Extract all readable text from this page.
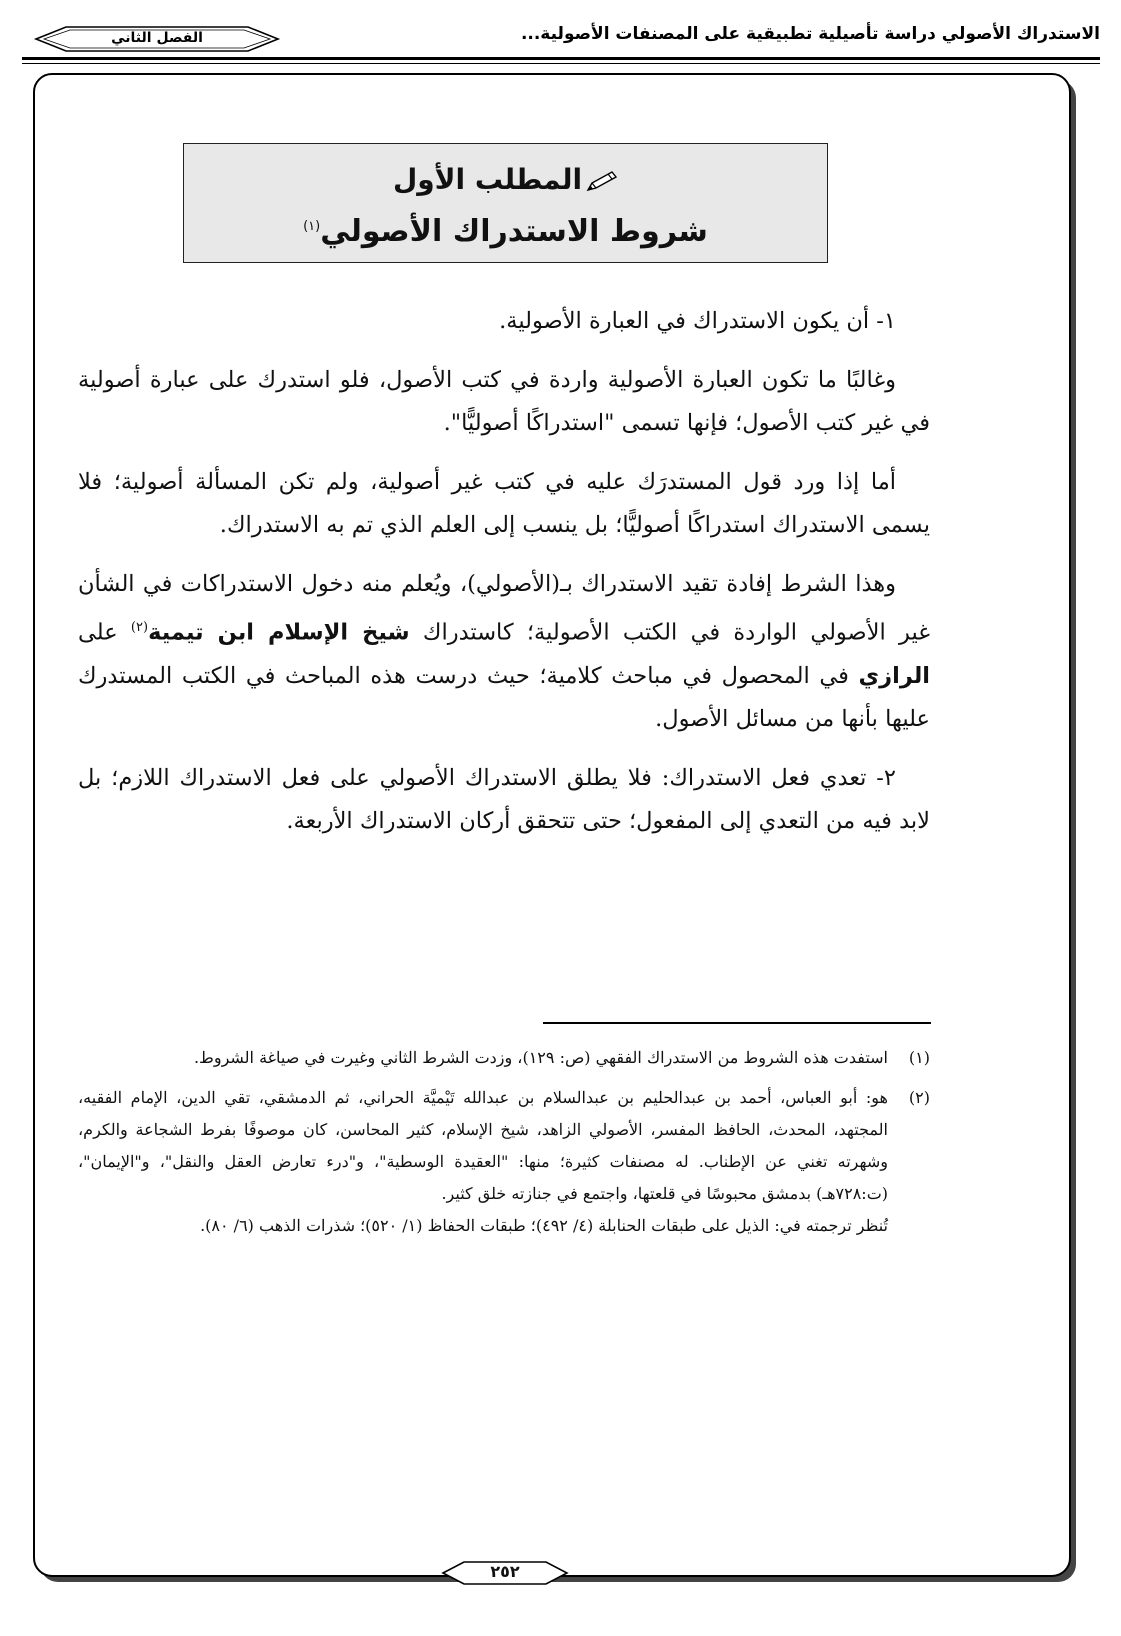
الاستدراك الأصولي دراسة تأصيلية تطبيقية على المصنفات الأصولية...
الفصل الثاني
المطلب الأول
شروط الاستدراك الأصولي$^{(١)}$

١- أن يكون الاستدراك في العبارة الأصولية.

وغالبًا ما تكون العبارة الأصولية واردة في كتب الأصول، فلو استدرك على عبارة أصولية في غير كتب الأصول؛ فإنها تسمى "استدراكًا أصوليًّا".

أما إذا ورد قول المستدرَك عليه في كتب غير أصولية، ولم تكن المسألة أصولية؛ فلا يسمى الاستدراك استدراكًا أصوليًّا؛ بل ينسب إلى العلم الذي تم به الاستدراك.

وهذا الشرط إفادة تقيد الاستدراك بـ(الأصولي)، ويُعلم منه دخول الاستدراكات في الشأن غير الأصولي الواردة في الكتب الأصولية؛ كاستدراك شيخ الإسلام ابن تيمية$^{(٢)}$ على الرازي في المحصول في مباحث كلامية؛ حيث درست هذه المباحث في الكتب المستدرك عليها بأنها من مسائل الأصول.

٢- تعدي فعل الاستدراك: فلا يطلق الاستدراك الأصولي على فعل الاستدراك اللازم؛ بل لابد فيه من التعدي إلى المفعول؛ حتى تتحقق أركان الاستدراك الأربعة.

(١)
استفدت هذه الشروط من الاستدراك الفقهي (ص: ١٢٩)، وزدت الشرط الثاني وغيرت في صياغة الشروط.
(٢)
هو: أبو العباس، أحمد بن عبدالحليم بن عبدالسلام بن عبدالله تَيْميَّة الحراني، ثم الدمشقي، تقي الدين، الإمام الفقيه، المجتهد، المحدث، الحافظ المفسر، الأصولي الزاهد، شيخ الإسلام، كثير المحاسن، كان موصوفًا بفرط الشجاعة والكرم، وشهرته تغني عن الإطناب. له مصنفات كثيرة؛ منها: "العقيدة الوسطية"، و"درء تعارض العقل والنقل"، و"الإيمان"، (ت:٧٢٨هـ) بدمشق محبوسًا في قلعتها، واجتمع في جنازته خلق كثير.
تُنظر ترجمته في: الذيل على طبقات الحنابلة (٤/ ٤٩٢)؛ طبقات الحفاظ (١/ ٥٢٠)؛ شذرات الذهب (٦/ ٨٠).
٢٥٢
